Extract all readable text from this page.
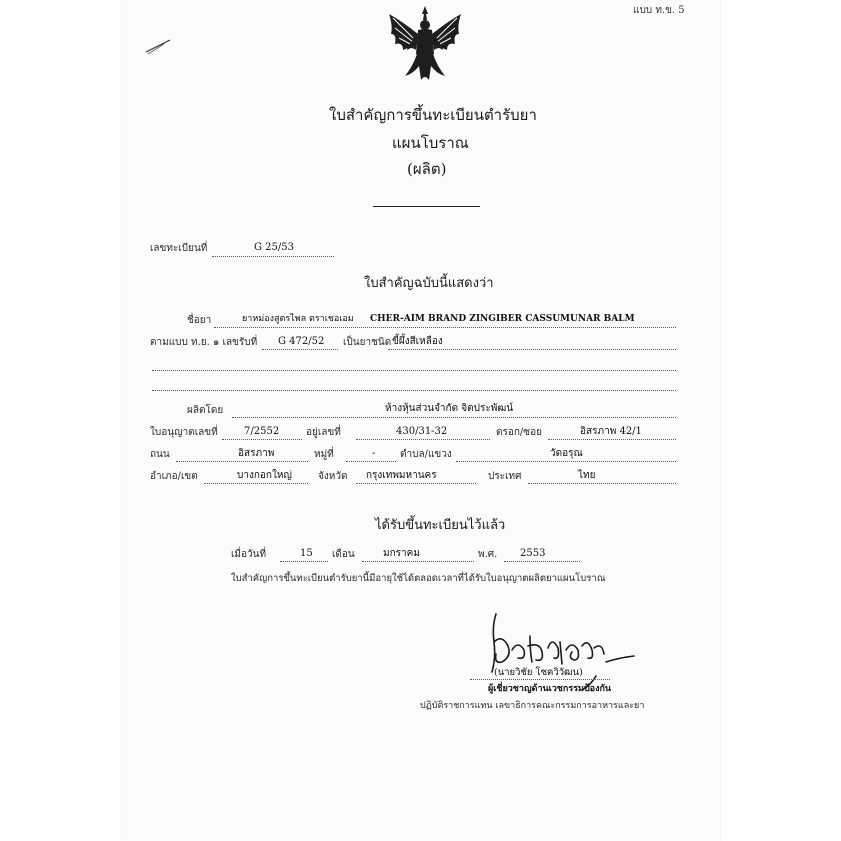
แบบ ท.ข. 5
ใบสำคัญการขึ้นทะเบียนตำรับยา
แผนโบราณ
(ผลิต)
เลขทะเบียนที่	G 25/53
ใบสำคัญฉบับนี้แสดงว่า
ชื่อยา	ยาหม่องสูตรไพล ตราเชอเอม CHER-AIM BRAND ZINGIBER CASSUMUNAR BALM
ตามแบบ ท.ย. ๑ เลขรับที่ G 472/52 เป็นยาชนิด ขี้ผึ้งสีเหลือง
ผลิตโดย	ห้างหุ้นส่วนจำกัด จิตประพัฒน์
ใบอนุญาตเลขที่	7/2552	อยู่เลขที่	430/31-32	ตรอก/ซอย	อิสรภาพ 42/1
ถนน	อิสรภาพ	หมู่ที่	- ตำบล/แขวง	วัดอรุณ
อำเภอ/เขต	บางกอกใหญ่	จังหวัด กรุงเทพมหานคร	ประเทศ	ไทย
ได้รับขึ้นทะเบียนไว้แล้ว
เมื่อวันที่	15 เดือน	มกราคม	พ.ศ. 2553
ใบสำคัญการขึ้นทะเบียนตำรับยานี้มีอายุใช้ได้ตลอดเวลาที่ได้รับใบอนุญาตผลิตยาแผนโบราณ
(นายวิชัย โชควิวัฒน)
ผู้เชี่ยวชาญด้านเวชกรรมป้องกัน
ปฏิบัติราชการแทน เลขาธิการคณะกรรมการอาหารและยา
